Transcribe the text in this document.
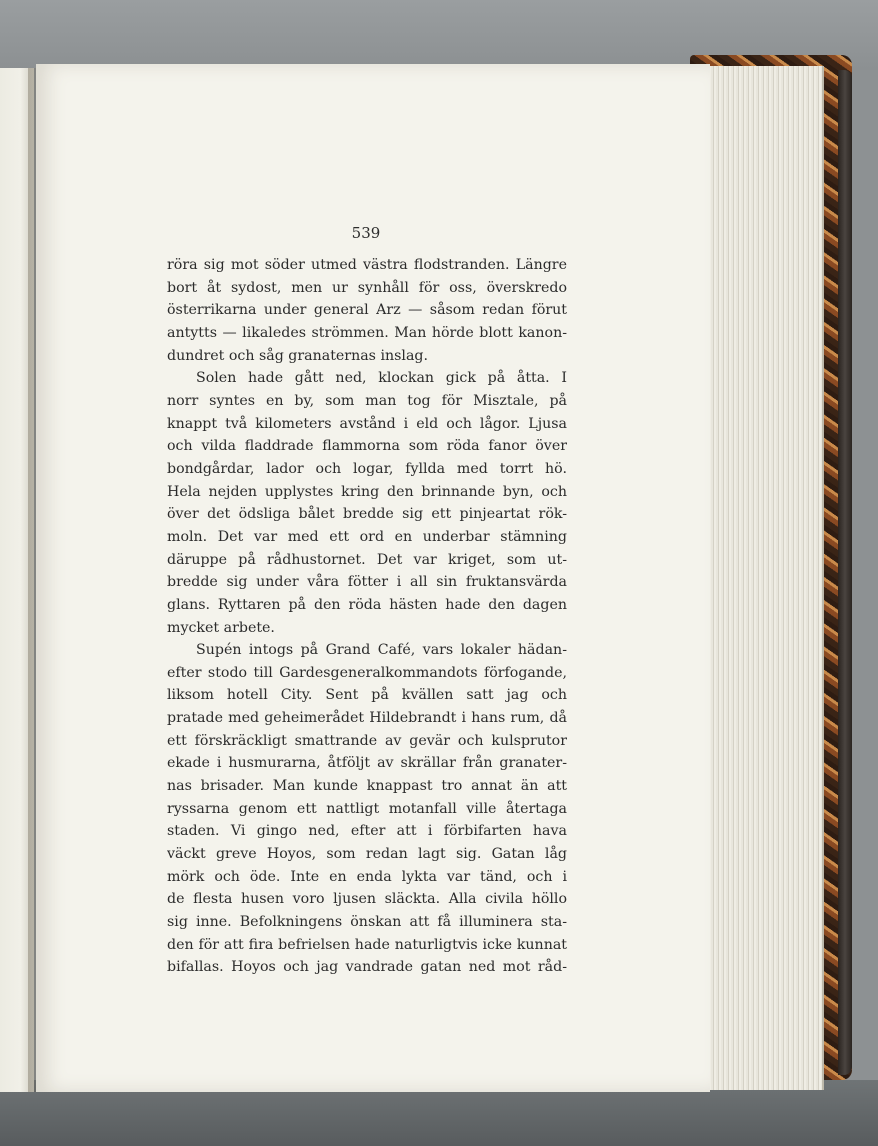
539
röra sig mot söder utmed västra flodstranden. Längre
bort åt sydost, men ur synhåll för oss, överskredo
österrikarna under general Arz — såsom redan förut
antytts — likaledes strömmen. Man hörde blott kanon-
dundret och såg granaternas inslag.
Solen hade gått ned, klockan gick på åtta. I
norr syntes en by, som man tog för Misztale, på
knappt två kilometers avstånd i eld och lågor. Ljusa
och vilda fladdrade flammorna som röda fanor över
bondgårdar, lador och logar, fyllda med torrt hö.
Hela nejden upplystes kring den brinnande byn, och
över det ödsliga bålet bredde sig ett pinjeartat rök-
moln. Det var med ett ord en underbar stämning
däruppe på rådhustornet. Det var kriget, som ut-
bredde sig under våra fötter i all sin fruktansvärda
glans. Ryttaren på den röda hästen hade den dagen
mycket arbete.
Supén intogs på Grand Café, vars lokaler hädan-
efter stodo till Gardesgeneralkommandots förfogande,
liksom hotell City. Sent på kvällen satt jag och
pratade med geheimerådet Hildebrandt i hans rum, då
ett förskräckligt smattrande av gevär och kulsprutor
ekade i husmurarna, åtföljt av skrällar från granater-
nas brisader. Man kunde knappast tro annat än att
ryssarna genom ett nattligt motanfall ville återtaga
staden. Vi gingo ned, efter att i förbifarten hava
väckt greve Hoyos, som redan lagt sig. Gatan låg
mörk och öde. Inte en enda lykta var tänd, och i
de flesta husen voro ljusen släckta. Alla civila höllo
sig inne. Befolkningens önskan att få illuminera sta-
den för att fira befrielsen hade naturligtvis icke kunnat
bifallas. Hoyos och jag vandrade gatan ned mot råd-
